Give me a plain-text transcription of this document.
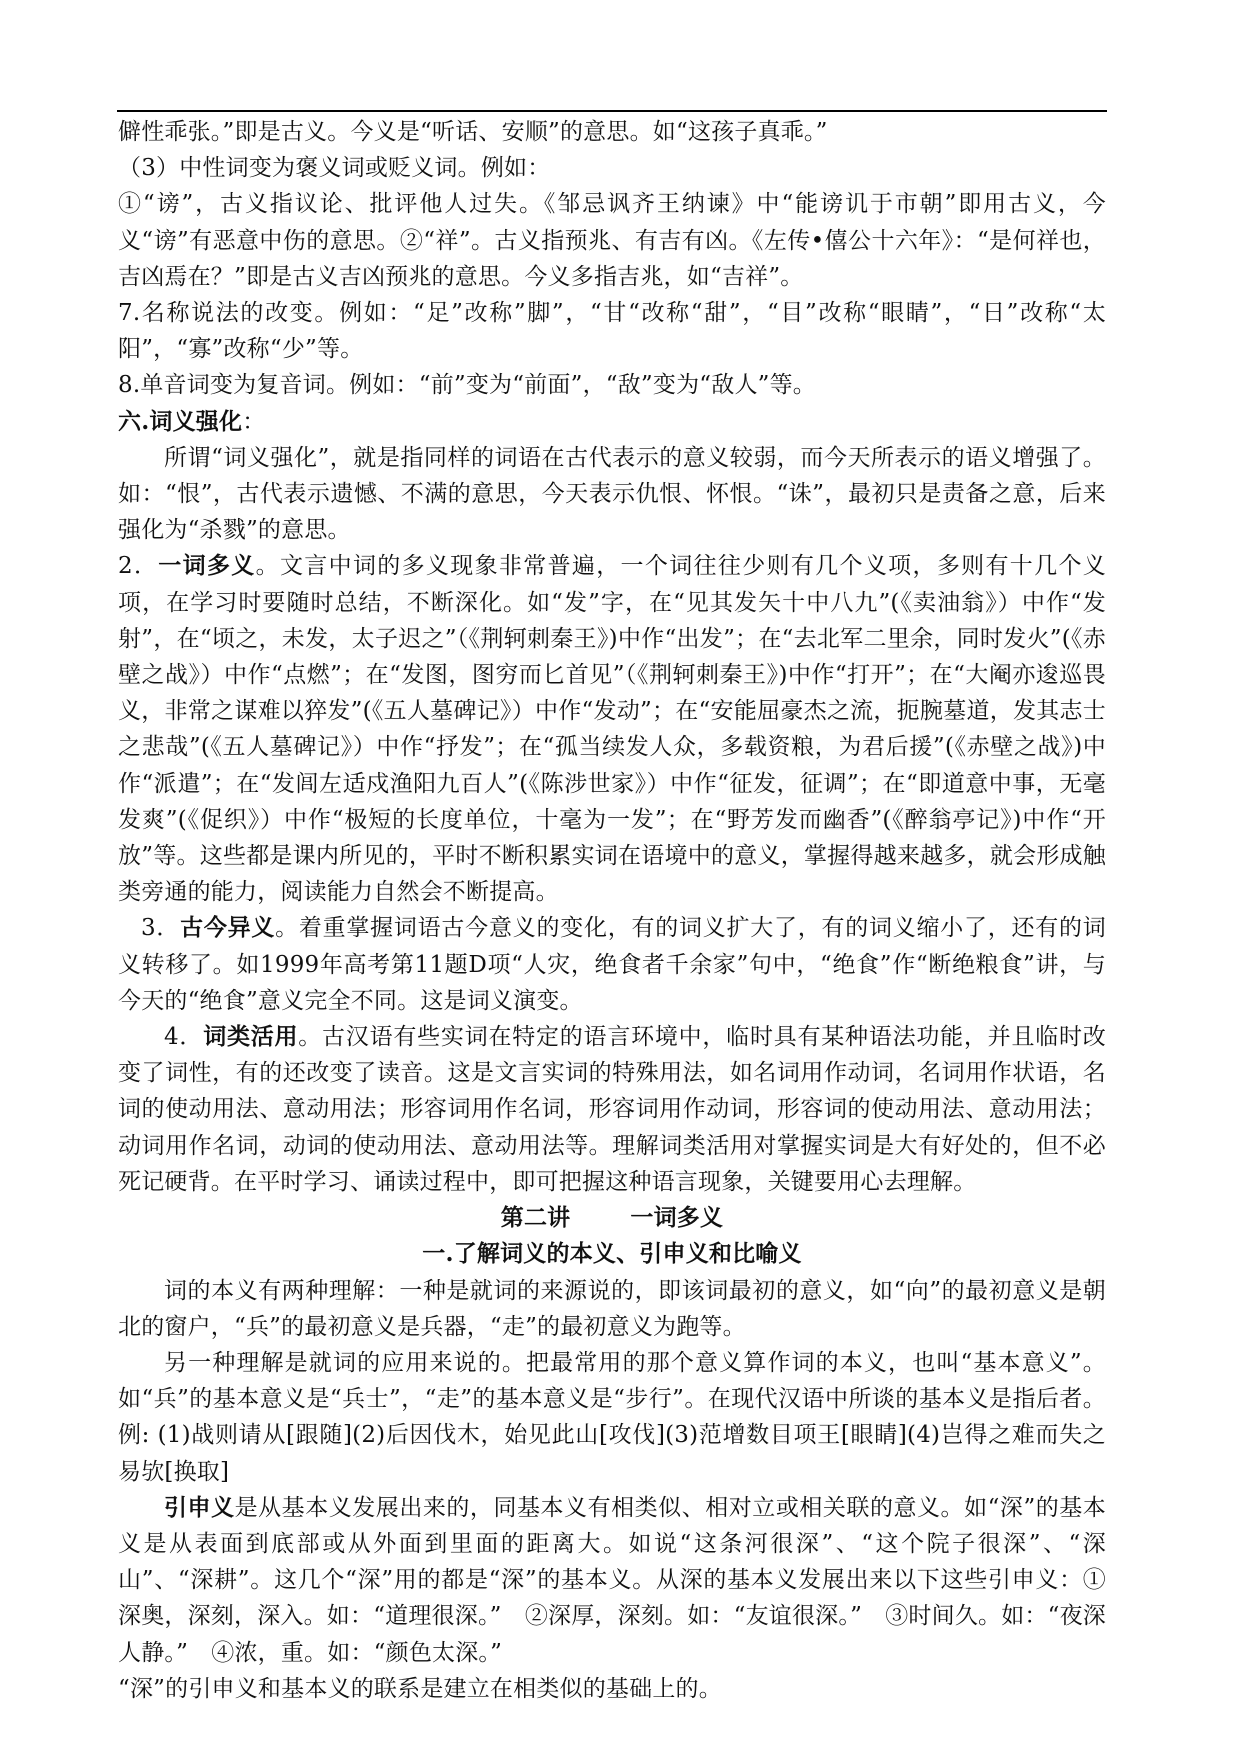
僻性乖张。”即是古义。今义是“听话、安顺”的意思。如“这孩子真乖。”

（3）中性词变为褒义词或贬义词。例如：

①“谤”，古义指议论、批评他人过失。《邹忌讽齐王纳谏》中“能谤讥于市朝”即用古义，今义“谤”有恶意中伤的意思。②“祥”。古义指预兆、有吉有凶。《左传•僖公十六年》：“是何祥也，吉凶焉在？”即是古义吉凶预兆的意思。今义多指吉兆，如“吉祥”。

7.名称说法的改变。例如：“足”改称”脚”，“甘“改称“甜”，“目”改称“眼睛”，“日”改称“太阳”，“寡”改称“少”等。

8.单音词变为复音词。例如：“前”变为“前面”，“敌”变为“敌人”等。

六.词义强化：

所谓“词义强化”，就是指同样的词语在古代表示的意义较弱，而今天所表示的语义增强了。如：“恨”，古代表示遗憾、不满的意思，今天表示仇恨、怀恨。“诛”，最初只是责备之意，后来强化为“杀戮”的意思。

2．一词多义。文言中词的多义现象非常普遍，一个词往往少则有几个义项，多则有十几个义项，在学习时要随时总结，不断深化。如“发”字，在“见其发矢十中八九”(《卖油翁》）中作“发射”，在“顷之，未发，太子迟之”（《荆轲刺秦王》)中作“出发”；在“去北军二里余，同时发火”(《赤壁之战》）中作“点燃”；在“发图，图穷而匕首见”（《荆轲刺秦王》)中作“打开”；在“大阉亦逡巡畏义，非常之谋难以猝发”(《五人墓碑记》）中作“发动”；在“安能屈豪杰之流，扼腕墓道，发其志士之悲哉”(《五人墓碑记》）中作“抒发”；在“孤当续发人众，多载资粮，为君后援”(《赤壁之战》)中作“派遣”；在“发闾左适戍渔阳九百人”(《陈涉世家》）中作“征发，征调”；在“即道意中事，无毫发爽”(《促织》）中作“极短的长度单位，十毫为一发”；在“野芳发而幽香”(《醉翁亭记》)中作“开放”等。这些都是课内所见的，平时不断积累实词在语境中的意义，掌握得越来越多，就会形成触类旁通的能力，阅读能力自然会不断提高。

3．古今异义。着重掌握词语古今意义的变化，有的词义扩大了，有的词义缩小了，还有的词义转移了。如1999年高考第11题D项“人灾，绝食者千余家”句中，“绝食”作“断绝粮食”讲，与今天的“绝食”意义完全不同。这是词义演变。

4．词类活用。古汉语有些实词在特定的语言环境中，临时具有某种语法功能，并且临时改变了词性，有的还改变了读音。这是文言实词的特殊用法，如名词用作动词，名词用作状语，名词的使动用法、意动用法；形容词用作名词，形容词用作动词，形容词的使动用法、意动用法；动词用作名词，动词的使动用法、意动用法等。理解词类活用对掌握实词是大有好处的，但不必死记硬背。在平时学习、诵读过程中，即可把握这种语言现象，关键要用心去理解。

第二讲	一词多义

一.了解词义的本义、引申义和比喻义

词的本义有两种理解：一种是就词的来源说的，即该词最初的意义，如“向”的最初意义是朝北的窗户，“兵”的最初意义是兵器，“走”的最初意义为跑等。

另一种理解是就词的应用来说的。把最常用的那个意义算作词的本义，也叫“基本意义”。如“兵”的基本意义是“兵士”，“走”的基本意义是“步行”。在现代汉语中所谈的基本义是指后者。例: (1)战则请从[跟随](2)后因伐木，始见此山[攻伐](3)范增数目项王[眼睛](4)岂得之难而失之易欤[换取]

引申义是从基本义发展出来的，同基本义有相类似、相对立或相关联的意义。如“深”的基本义是从表面到底部或从外面到里面的距离大。如说“这条河很深”、“这个院子很深”、“深山”、“深耕”。这几个“深”用的都是“深”的基本义。从深的基本义发展出来以下这些引申义：①深奥，深刻，深入。如：“道理很深。”　②深厚，深刻。如：“友谊很深。”　③时间久。如：“夜深人静。”　④浓，重。如：“颜色太深。”

“深”的引申义和基本义的联系是建立在相类似的基础上的。
